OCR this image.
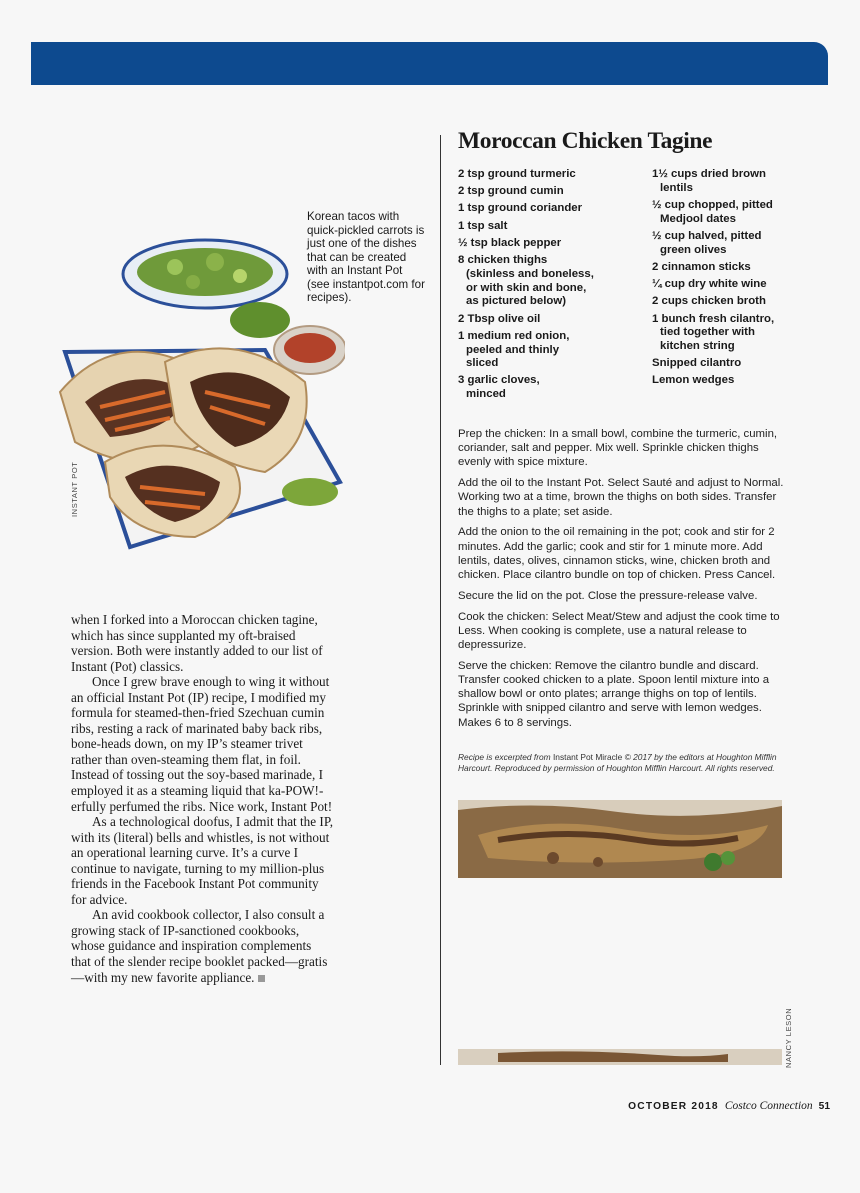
INSTANT POT
Korean tacos with quick-pickled carrots is just one of the dishes that can be created with an Instant Pot (see instantpot.com for recipes).

when I forked into a Moroccan chicken tagine, which has since supplanted my oft-braised version. Both were instantly added to our list of Instant (Pot) classics.

Once I grew brave enough to wing it without an official Instant Pot (IP) recipe, I modified my formula for steamed-then-fried Szechuan cumin ribs, resting a rack of marinated baby back ribs, bone-heads down, on my IP’s steamer trivet rather than oven-steaming them flat, in foil. Instead of tossing out the soy-based marinade, I employed it as a steaming liquid that ka-POW!-erfully perfumed the ribs. Nice work, Instant Pot!

As a technological doofus, I admit that the IP, with its (literal) bells and whistles, is not without an operational learning curve. It’s a curve I continue to navigate, turning to my million-plus friends in the Facebook Instant Pot community for advice.

An avid cookbook collector, I also consult a growing stack of IP-sanctioned cookbooks, whose guidance and inspiration complements that of the slender recipe booklet packed—gratis—with my new favorite appliance.

Moroccan Chicken Tagine
2 tsp ground turmeric
2 tsp ground cumin
1 tsp ground coriander
1 tsp salt
½ tsp black pepper
8 chicken thighs (skinless and boneless, or with skin and bone, as pictured below)
2 Tbsp olive oil
1 medium red onion, peeled and thinly sliced
3 garlic cloves, minced
1½ cups dried brown lentils
½ cup chopped, pitted Medjool dates
½ cup halved, pitted green olives
2 cinnamon sticks
¼ cup dry white wine
2 cups chicken broth
1 bunch fresh cilantro, tied together with kitchen string
Snipped cilantro
Lemon wedges

Prep the chicken: In a small bowl, combine the turmeric, cumin, coriander, salt and pepper. Mix well. Sprinkle chicken thighs evenly with spice mixture.

Add the oil to the Instant Pot. Select Sauté and adjust to Normal. Working two at a time, brown the thighs on both sides. Transfer the thighs to a plate; set aside.

Add the onion to the oil remaining in the pot; cook and stir for 2 minutes. Add the garlic; cook and stir for 1 minute more. Add lentils, dates, olives, cinnamon sticks, wine, chicken broth and chicken. Place cilantro bundle on top of chicken. Press Cancel.

Secure the lid on the pot. Close the pressure-release valve.

Cook the chicken: Select Meat/Stew and adjust the cook time to Less. When cooking is complete, use a natural release to depressurize.

Serve the chicken: Remove the cilantro bundle and discard. Transfer cooked chicken to a plate. Spoon lentil mixture into a shallow bowl or onto plates; arrange thighs on top of lentils. Sprinkle with snipped cilantro and serve with lemon wedges. Makes 6 to 8 servings.

Recipe is excerpted from Instant Pot Miracle © 2017 by the editors at Houghton Mifflin Harcourt. Reproduced by permission of Houghton Mifflin Harcourt. All rights reserved.
NANCY LESON
OCTOBER 2018 Costco Connection 51
